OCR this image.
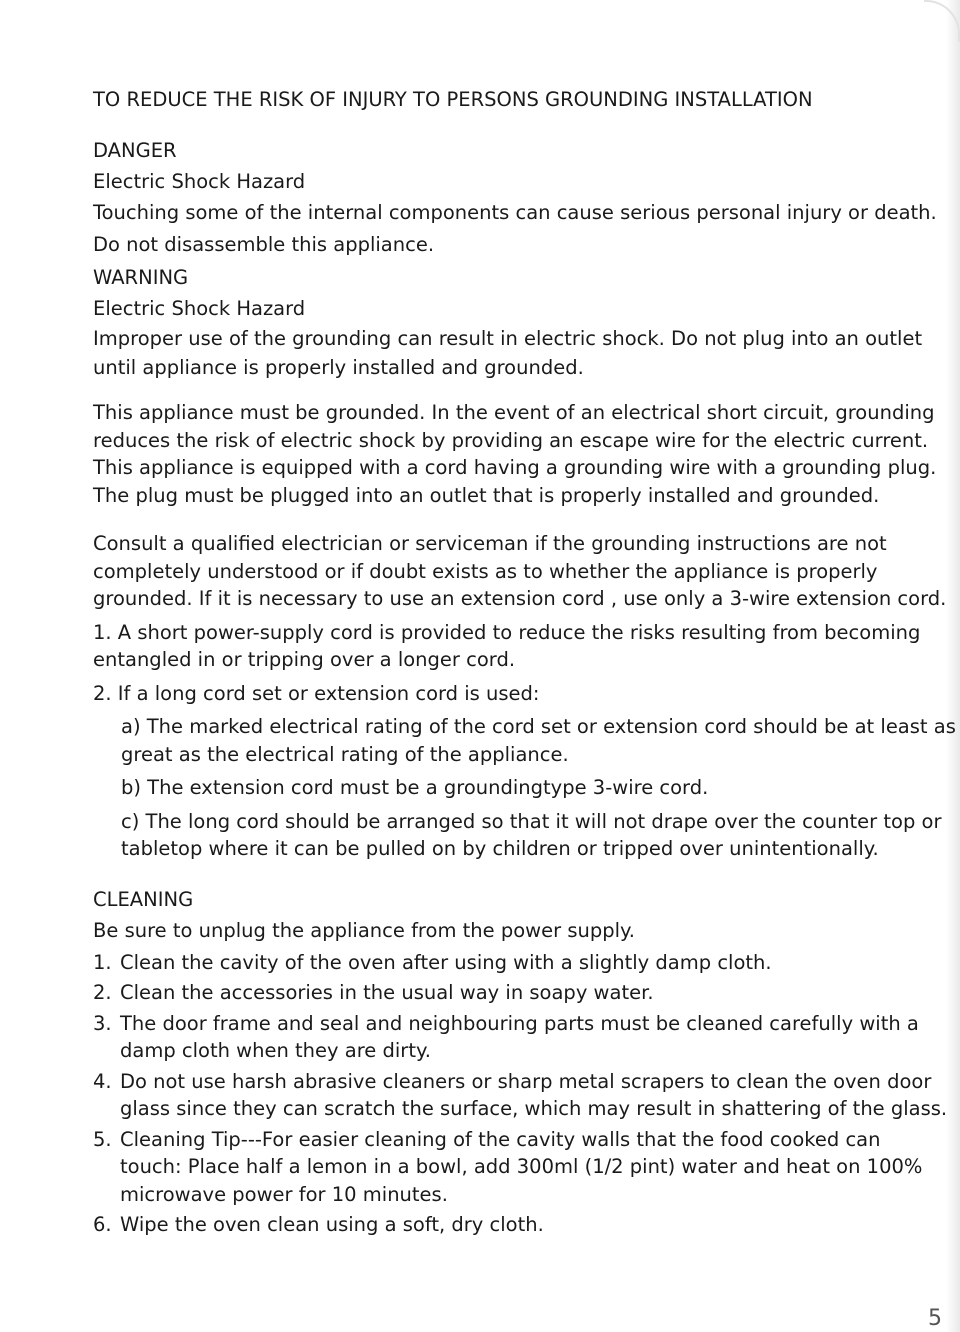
TO REDUCE THE RISK OF INJURY TO PERSONS GROUNDING INSTALLATION
DANGER
Electric Shock Hazard
Touching some of the internal components can cause serious personal injury or death.
Do not disassemble this appliance.
WARNING
Electric Shock Hazard
Improper use of the grounding can result in electric shock. Do not plug into an outlet
until appliance is properly installed and grounded.
This appliance must be grounded. In the event of an electrical short circuit, grounding
reduces the risk of electric shock by providing an escape wire for the electric current.
This appliance is equipped with a cord having a grounding wire with a grounding plug.
The plug must be plugged into an outlet that is properly installed and grounded.
Consult a qualified electrician or serviceman if the grounding instructions are not
completely understood or if doubt exists as to whether the appliance is properly
grounded. If it is necessary to use an extension cord , use only a 3-wire extension cord.
1. A short power-supply cord is provided to reduce the risks resulting from becoming
entangled in or tripping over a longer cord.
2. If a long cord set or extension cord is used:
a) The marked electrical rating of the cord set or extension cord should be at least as
great as the electrical rating of the appliance.
b) The extension cord must be a groundingtype 3-wire cord.
c) The long cord should be arranged so that it will not drape over the counter top or
tabletop where it can be pulled on by children or tripped over unintentionally.
CLEANING
Be sure to unplug the appliance from the power supply.
1. Clean the cavity of the oven after using with a slightly damp cloth.
2. Clean the accessories in the usual way in soapy water.
3. The door frame and seal and neighbouring parts must be cleaned carefully with a
damp cloth when they are dirty.
4. Do not use harsh abrasive cleaners or sharp metal scrapers to clean the oven door
glass since they can scratch the surface, which may result in shattering of the glass.
5. Cleaning Tip---For easier cleaning of the cavity walls that the food cooked can
touch: Place half a lemon in a bowl, add 300ml (1/2 pint) water and heat on 100%
microwave power for 10 minutes.
6. Wipe the oven clean using a soft, dry cloth.
5
